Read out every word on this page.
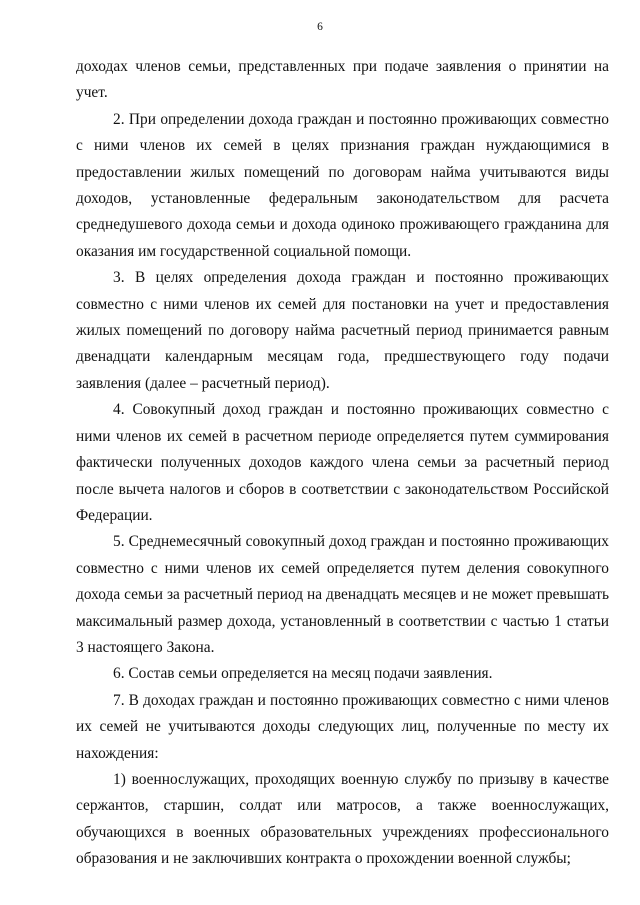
6

доходах членов семьи, представленных при подаче заявления о принятии на учет.

2. При определении дохода граждан и постоянно проживающих совместно с ними членов их семей в целях признания граждан нуждающимися в предоставлении жилых помещений по договорам найма учитываются виды доходов, установленные федеральным законодательством для расчета среднедушевого дохода семьи и дохода одиноко проживающего гражданина для оказания им государственной социальной помощи.

3. В целях определения дохода граждан и постоянно проживающих совместно с ними членов их семей для постановки на учет и предоставления жилых помещений по договору найма расчетный период принимается равным двенадцати календарным месяцам года, предшествующего году подачи заявления (далее – расчетный период).

4. Совокупный доход граждан и постоянно проживающих совместно с ними членов их семей в расчетном периоде определяется путем суммирования фактически полученных доходов каждого члена семьи за расчетный период после вычета налогов и сборов в соответствии с законодательством Российской Федерации.

5. Среднемесячный совокупный доход граждан и постоянно проживающих совместно с ними членов их семей определяется путем деления совокупного дохода семьи за расчетный период на двенадцать месяцев и не может превышать максимальный размер дохода, установленный в соответствии с частью 1 статьи 3 настоящего Закона.

6. Состав семьи определяется на месяц подачи заявления.

7. В доходах граждан и постоянно проживающих совместно с ними членов их семей не учитываются доходы следующих лиц, полученные по месту их нахождения:

1) военнослужащих, проходящих военную службу по призыву в качестве сержантов, старшин, солдат или матросов, а также военнослужащих, обучающихся в военных образовательных учреждениях профессионального образования и не заключивших контракта о прохождении военной службы;
